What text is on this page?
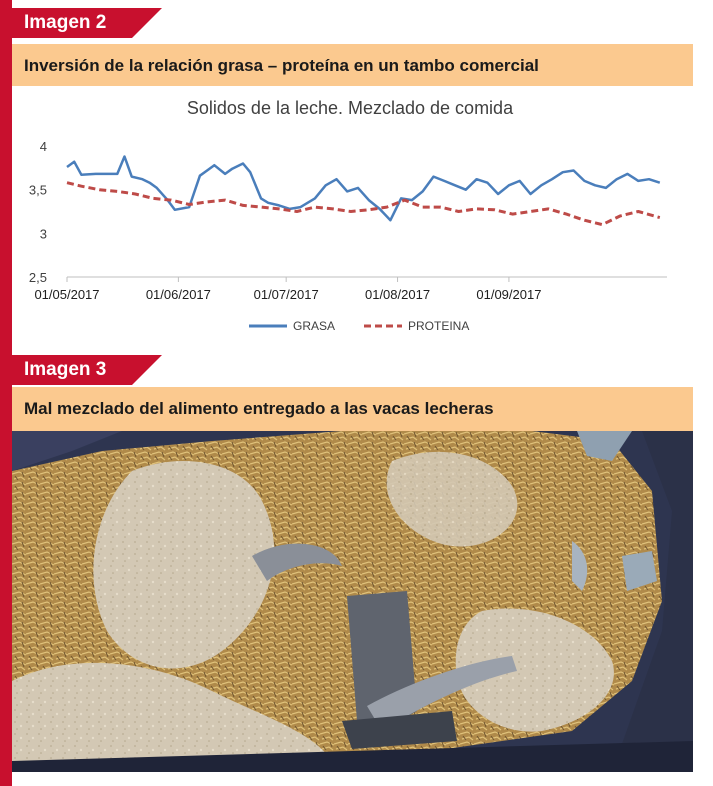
Imagen 2
Inversión de la relación grasa – proteína en un tambo comercial
Solidos de la leche. Mezclado de comida
2,5
3
3,5
4
01/05/2017	01/06/2017	01/07/2017	01/08/2017	01/09/2017
GRASA	PROTEINA
Imagen 3
Mal mezclado del alimento entregado a las vacas lecheras
